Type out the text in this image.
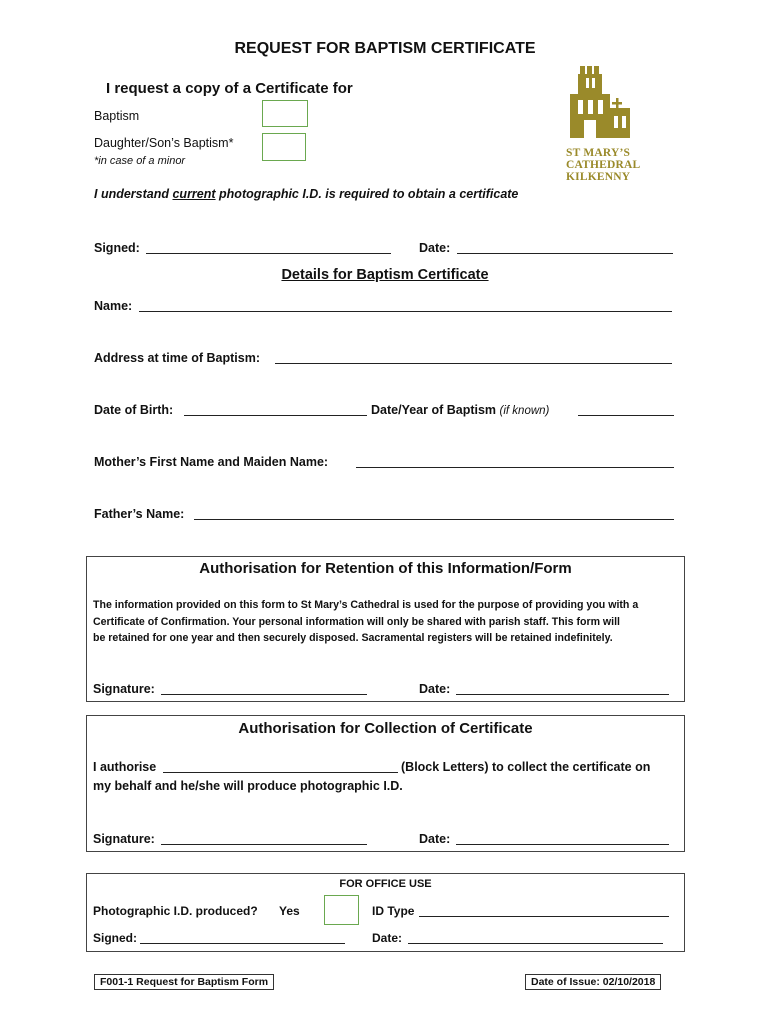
REQUEST FOR BAPTISM CERTIFICATE
I request a copy of a Certificate for
Baptism
Daughter/Son’s Baptism*
*in case of a minor
ST MARY’S
CATHEDRAL
KILKENNY
I understand current photographic I.D. is required to obtain a certificate
Signed:	Date:
Details for Baptism Certificate
Name:
Address at time of Baptism:
Date of Birth:	Date/Year of Baptism (if known)
Mother’s First Name and Maiden Name:
Father’s Name:
Authorisation for Retention of this Information/Form
The information provided on this form to St Mary’s Cathedral is used for the purpose of providing you with a
Certificate of Confirmation. Your personal information will only be shared with parish staff. This form will
be retained for one year and then securely disposed. Sacramental registers will be retained indefinitely.
Signature:	Date:
Authorisation for Collection of Certificate
I authorise	(Block Letters) to collect the certificate on
my behalf and he/she will produce photographic I.D.
Signature:	Date:
FOR OFFICE USE
Photographic I.D. produced? Yes	ID Type
Signed:	Date:
F001-1 Request for Baptism Form	Date of Issue: 02/10/2018
